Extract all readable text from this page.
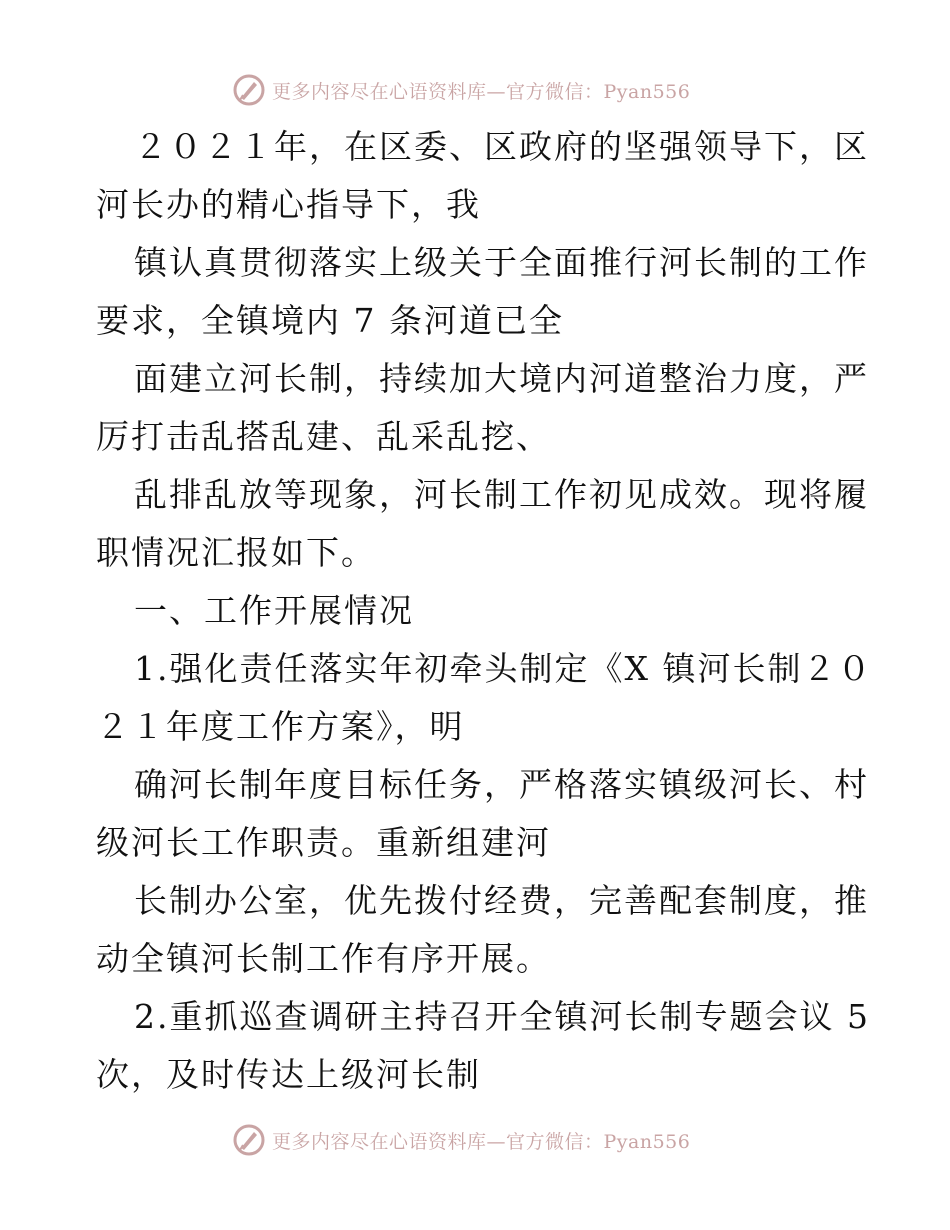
更多内容尽在心语资料库—官方微信：Pyan556
２０２１年，在区委、区政府的坚强领导下，区
河长办的精心指导下，我
镇认真贯彻落实上级关于全面推行河长制的工作
要求，全镇境内 7 条河道已全
面建立河长制，持续加大境内河道整治力度，严
厉打击乱搭乱建、乱采乱挖、
乱排乱放等现象，河长制工作初见成效。现将履
职情况汇报如下。
一、工作开展情况
1.强化责任落实年初牵头制定《X 镇河长制２０
２１年度工作方案》，明
确河长制年度目标任务，严格落实镇级河长、村
级河长工作职责。重新组建河
长制办公室，优先拨付经费，完善配套制度，推
动全镇河长制工作有序开展。
2.重抓巡查调研主持召开全镇河长制专题会议 5
次，及时传达上级河长制
更多内容尽在心语资料库—官方微信：Pyan556
